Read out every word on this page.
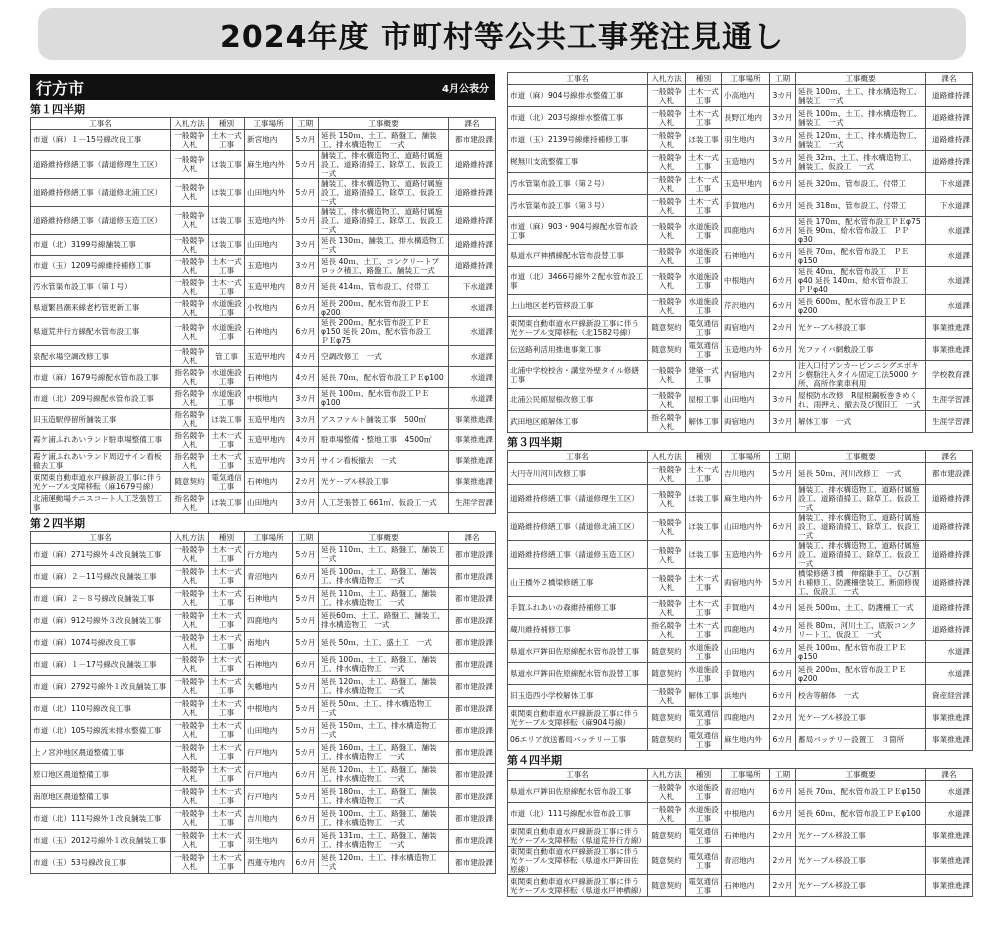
2024年度 市町村等公共工事発注見通し
行方市	4月公表分
第１四半期
工事名	入札方法	種別	工事場所	工期	工事概要	課名
市道（麻）１－15号線改良工事	一般競争入札	土木一式工事	新宮地内	5カ月	延長 150ｍ、土工、路盤工、舗装工、排水構造物工　一式	都市建設課
道路維持修繕工事（請道修理生工区）	一般競争入札	ほ装工事	麻生地内外	5カ月	舗装工、排水構造物工、道路付属施設工、道路清掃工、除草工、仮設工　一式	道路維持課
道路維持修繕工事（請道修北浦工区）	一般競争入札	ほ装工事	山田地内外	5カ月	舗装工、排水構造物工、道路付属施設工、道路清掃工、除草工、仮設工　一式	道路維持課
道路維持修繕工事（請道修玉造工区）	一般競争入札	ほ装工事	玉造地内外	5カ月	舗装工、排水構造物工、道路付属施設工、道路清掃工、除草工、仮設工　一式	道路維持課
市道（北）3199号線舗装工事	一般競争入札	ほ装工事	山田地内	3カ月	延長 130ｍ、舗装工、排水構造物工　一式	道路維持課
市道（玉）1209号線維持補修工事	一般競争入札	土木一式工事	玉造地内	3カ月	延長 40ｍ、土工、コンクリートブロック積工、路盤工、舗装工一式	道路維持課
汚水管渠布設工事（第１号）	一般競争入札	土木一式工事	玉造甲地内	8カ月	延長 414ｍ、管布設工、付帯工	下水道課
県道繁昌潮来線老朽管更新工事	一般競争入札	水道施設工事	小牧地内	6カ月	延長 200ｍ、配水管布設工ＰＥφ200	水道課
県道荒井行方線配水管布設工事	一般競争入札	水道施設工事	石神地内	6カ月	延長 200ｍ、配水管布設工ＰＥφ150 延長 20ｍ、配水管布設工　ＰＥφ75	水道課
泉配水場空調改修工事	一般競争入札	管工事	玉造甲地内	4カ月	空調改修工　一式	水道課
市道（麻）1679号線配水管布設工事	指名競争入札	水道施設工事	石神地内	4カ月	延長 70ｍ、配水管布設工ＰＥφ100	水道課
市道（北）209号線配水管布設工事	指名競争入札	水道施設工事	中根地内	3カ月	延長 100ｍ、配水管布設工ＰＥφ100	水道課
旧玉造駅停留所舗装工事	指名競争入札	ほ装工事	玉造甲地内	3カ月	アスファルト舗装工事　500㎡	事業推進課
霞ケ浦ふれあいランド駐車場整備工事	指名競争入札	土木一式工事	玉造甲地内	4カ月	駐車場整備・整地工事　4500㎡	事業推進課
霞ケ浦ふれあいランド周辺サイン看板撤去工事	指名競争入札	土木一式工事	玉造甲地内	3カ月	サイン看板撤去　一式	事業推進課
東関東自動車道水戸線新設工事に伴う光ケーブル支障移転（麻1679号線）	随意契約	電気通信工事	石神地内	2カ月	光ケーブル移設工事	事業推進課
北浦運動場テニスコート人工芝張替工事	指名競争入札	ほ装工事	山田地内	3カ月	人工芝張替工 661㎡、仮設工一式	生涯学習課
第２四半期
工事名	入札方法	種別	工事場所	工期	工事概要	課名
市道（麻）271号線外４改良舗装工事	一般競争入札	土木一式工事	行方地内	5カ月	延長 110ｍ、土工、路盤工、舗装工　一式	都市建設課
市道（麻）２－11号線改良舗装工事	一般競争入札	土木一式工事	青沼地内	6カ月	延長 100ｍ、土工、路盤工、舗装工、排水構造物工　一式	都市建設課
市道（麻）２－８号線改良舗装工事	一般競争入札	土木一式工事	石神地内	5カ月	延長 110ｍ、土工、路盤工、舗装工、排水構造物工　一式	都市建設課
市道（麻）912号線外３改良舗装工事	一般競争入札	土木一式工事	四鹿地内	5カ月	延長60ｍ、土工、路盤工、舗装工、排水構造物工　一式	都市建設課
市道（麻）1074号線改良工事	一般競争入札	土木一式工事	南地内	5カ月	延長 50ｍ、土工、盛土工　一式	都市建設課
市道（麻）１－17号線改良舗装工事	一般競争入札	土木一式工事	石神地内	6カ月	延長 100ｍ、土工、路盤工、舗装工、排水構造物工　一式	都市建設課
市道（麻）2792号線外１改良舗装工事	一般競争入札	土木一式工事	矢幡地内	5カ月	延長 120ｍ、土工、路盤工、舗装工、排水構造物工　一式	都市建設課
市道（北）110号線改良工事	一般競争入札	土木一式工事	中根地内	5カ月	延長 50ｍ、土工、排水構造物工　一式	都市建設課
市道（北）105号線流末排水整備工事	一般競争入札	土木一式工事	山田地内	5カ月	延長 150ｍ、土工、排水構造物工　一式	都市建設課
上ノ宮沖地区農道整備工事	一般競争入札	土木一式工事	行戸地内	5カ月	延長 160ｍ、土工、路盤工、舗装工、排水構造物工　一式	都市建設課
原口地区農道整備工事	一般競争入札	土木一式工事	行戸地内	6カ月	延長 120ｍ、土工、路盤工、舗装工、排水構造物工　一式	都市建設課
南原地区農道整備工事	一般競争入札	土木一式工事	行戸地内	5カ月	延長 180ｍ、土工、路盤工、舗装工、排水構造物工　一式	都市建設課
市道（北）111号線外１改良舗装工事	一般競争入札	土木一式工事	吉川地内	6カ月	延長 100ｍ、土工、路盤工、舗装工、排水構造物工　一式	都市建設課
市道（玉）2012号線外１改良舗装工事	一般競争入札	土木一式工事	羽生地内	6カ月	延長 131ｍ、土工、路盤工、舗装工、排水構造物工　一式	都市建設課
市道（玉）53号線改良工事	一般競争入札	土木一式工事	西蓮寺地内	6カ月	延長 120ｍ、土工、排水構造物工　一式	都市建設課
工事名	入札方法	種別	工事場所	工期	工事概要	課名
市道（麻）904号線排水整備工事	一般競争入札	土木一式工事	小高地内	3カ月	延長 100ｍ、土工、排水構造物工、舗装工　一式	道路維持課
市道（北）203号線排水整備工事	一般競争入札	土木一式工事	長野江地内	3カ月	延長 100ｍ、土工、排水構造物工、舗装工　一式	道路維持課
市道（玉）2139号線維持補修工事	一般競争入札	ほ装工事	羽生地内	3カ月	延長 120ｍ、土工、排水構造物工、舗装工　一式	道路維持課
梶無川支流整備工事	一般競争入札	土木一式工事	玉造地内	5カ月	延長 32ｍ、土工、排水構造物工、舗装工、仮設工　一式	道路維持課
汚水管渠布設工事（第２号）	一般競争入札	土木一式工事	玉造甲地内	6カ月	延長 320ｍ、管布設工、付帯工	下水道課
汚水管渠布設工事（第３号）	一般競争入札	土木一式工事	手賀地内	6カ月	延長 318ｍ、管布設工、付帯工	下水道課
市道（麻）903・904号線配水管布設工事	一般競争入札	水道施設工事	四鹿地内	6カ月	延長 170ｍ、配水管布設工ＰＥφ75 延長 90ｍ、給水管布設工　ＰＰφ30	水道課
県道水戸神栖線配水管布設替工事	一般競争入札	水道施設工事	石神地内	6カ月	延長 70ｍ、配水管布設工　ＰＥφ150	水道課
市道（北）3466号線外２配水管布設工事	一般競争入札	水道施設工事	中根地内	6カ月	延長 40ｍ、配水管布設工　ＰＥφ40 延長 140ｍ、給水管布設工　ＰＰφ40	水道課
上山地区老朽管移設工事	一般競争入札	水道施設工事	芹沢地内	6カ月	延長 600ｍ、配水管布設工ＰＥφ200	水道課
東関東自動車道水戸線新設工事に伴う光ケーブル支障移転（北1582号線）	随意契約	電気通信工事	両宿地内	2カ月	光ケーブル移設工事	事業推進課
伝送路利活用推進事業工事	随意契約	電気通信工事	玉造地内外	6カ月	光ファイバ網敷設工事	事業推進課
北浦中学校校舎・講堂外壁タイル修繕工事	一般競争入札	建築一式工事	内宿地内	2カ月	注入口付アンカーピンニングエポキシ樹脂注入タイル固定工法5000 ケ所、高所作業車利用	学校教育課
北浦公民館屋根改修工事	一般競争入札	屋根工事	山田地内	3カ月	屋根防水改修　R屋根鋼板巻きめくれ、雨押え、撤去及び復旧工　一式	生涯学習課
武田地区館解体工事	指名競争入札	解体工事	両宿地内	3カ月	解体工事　一式	生涯学習課
第３四半期
工事名	入札方法	種別	工事場所	工期	工事概要	課名
大円寺川河川改修工事	一般競争入札	土木一式工事	吉川地内	5カ月	延長 50ｍ、河川改修工　一式	都市建設課
道路維持修繕工事（請道修理生工区）	一般競争入札	ほ装工事	麻生地内外	6カ月	舗装工、排水構造物工、道路付属施設工、道路清掃工、除草工、仮設工　一式	道路維持課
道路維持修繕工事（請道修北浦工区）	一般競争入札	ほ装工事	山田地内外	6カ月	舗装工、排水構造物工、道路付属施設工、道路清掃工、除草工、仮設工　一式	道路維持課
道路維持修繕工事（請道修玉造工区）	一般競争入札	ほ装工事	玉造地内外	6カ月	舗装工、排水構造物工、道路付属施設工、道路清掃工、除草工、仮設工　一式	道路維持課
山王橋外２橋梁修繕工事	一般競争入札	土木一式工事	両宿地内外	5カ月	橋梁修繕３橋　伸縮継手工、ひび割れ補修工、防護柵塗装工、断面修復工、仮設工　一式	道路維持課
手賀ふれあいの森維持補修工事	一般競争入札	土木一式工事	手賀地内	4カ月	延長 500ｍ、土工、防護柵工一式	道路維持課
蔵川維持補修工事	指名競争入札	土木一式工事	四鹿地内	4カ月	延長 80ｍ、河川土工、底版コンクリート工、仮設工　一式	道路維持課
県道水戸鉾田佐原線配水管布設替工事	随意契約	水道施設工事	山田地内	6カ月	延長 100ｍ、配水管布設工ＰＥφ150	水道課
県道水戸鉾田佐原線配水管布設替工事	随意契約	水道施設工事	手賀地内	6カ月	延長 200ｍ、配水管布設工ＰＥφ200	水道課
旧玉造西小学校解体工事	一般競争入札	解体工事	浜地内	6カ月	校舎等解体　一式	資産経営課
東関東自動車道水戸線新設工事に伴う光ケーブル支障移転（麻904号線）	随意契約	電気通信工事	四鹿地内	2カ月	光ケーブル移設工事	事業推進課
06エリア放送蓄局バッテリー工事	随意契約	電気通信工事	麻生地内外	6カ月	蓄局バッテリー設置工　３箇所	事業推進課
第４四半期
工事名	入札方法	種別	工事場所	工期	工事概要	課名
県道水戸鉾田佐原線配水管布設工事	一般競争入札	水道施設工事	青沼地内	6カ月	延長 70ｍ、配水管布設工ＰＥφ150	水道課
市道（北）111号線配水管布設工事	一般競争入札	水道施設工事	中根地内	6カ月	延長 60ｍ、配水管布設工ＰＥφ100	水道課
東関東自動車道水戸線新設工事に伴う光ケーブル支障移転（県道荒井行方線）	随意契約	電気通信工事	石神地内	2カ月	光ケーブル移設工事	事業推進課
東関東自動車道水戸線新設工事に伴う光ケーブル支障移転（県道水戸鉾田佐原線）	随意契約	電気通信工事	青沼地内	2カ月	光ケーブル移設工事	事業推進課
東関東自動車道水戸線新設工事に伴う光ケーブル支障移転（県道水戸神栖線）	随意契約	電気通信工事	石神地内	2カ月	光ケーブル移設工事	事業推進課
